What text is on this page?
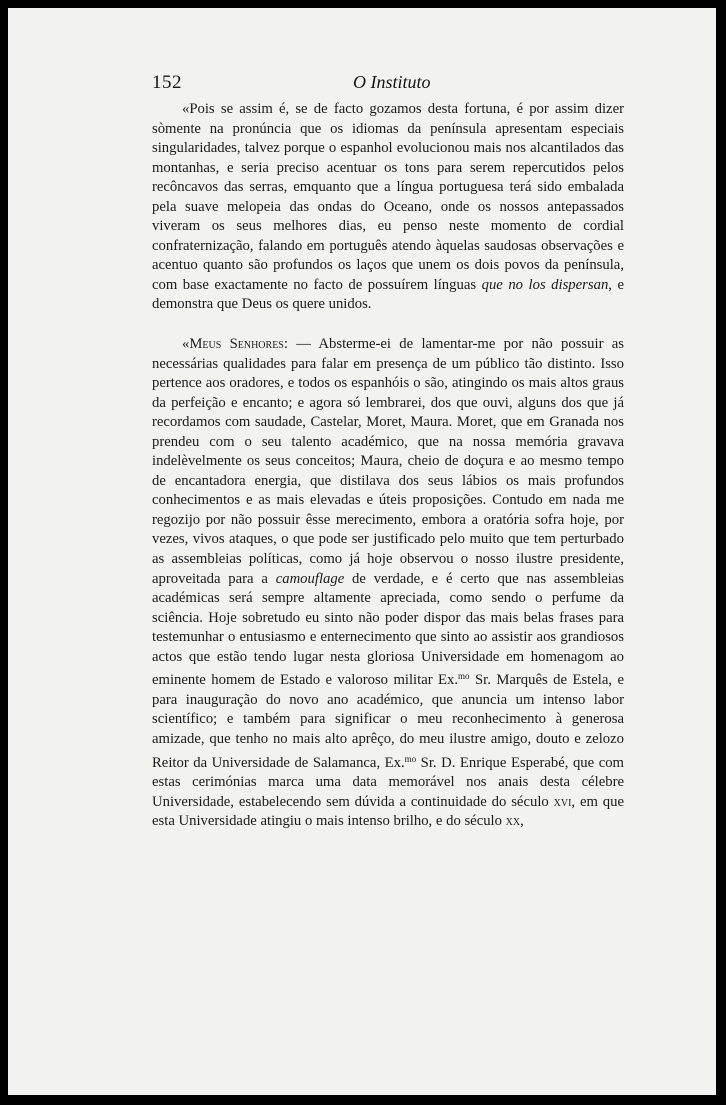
152	O Instituto

«Pois se assim é, se de facto gozamos desta fortuna, é por assim dizer sòmente na pronúncia que os idiomas da península apresentam especiais singularidades, talvez porque o espanhol evolucionou mais nos alcantilados das montanhas, e seria preciso acentuar os tons para serem repercutidos pelos recôncavos das serras, emquanto que a língua portuguesa terá sido embalada pela suave melopeia das ondas do Oceano, onde os nossos antepassados viveram os seus melhores dias, eu penso neste momento de cordial confraternização, falando em português atendo àquelas saudosas observações e acentuo quanto são profundos os laços que unem os dois povos da península, com base exactamente no facto de possuírem línguas que no los dispersan, e demonstra que Deus os quere unidos.

«Meus Senhores: — Absterme-ei de lamentar-me por não possuir as necessárias qualidades para falar em presença de um público tão distinto. Isso pertence aos oradores, e todos os espanhóis o são, atingindo os mais altos graus da perfeição e encanto; e agora só lembrarei, dos que ouvi, alguns dos que já recordamos com saudade, Castelar, Moret, Maura. Moret, que em Granada nos prendeu com o seu talento académico, que na nossa memória gravava indelèvelmente os seus conceitos; Maura, cheio de doçura e ao mesmo tempo de encantadora energia, que distilava dos seus lábios os mais profundos conhecimentos e as mais elevadas e úteis proposições. Contudo em nada me regozijo por não possuir êsse merecimento, embora a oratória sofra hoje, por vezes, vivos ataques, o que pode ser justificado pelo muito que tem perturbado as assembleias políticas, como já hoje observou o nosso ilustre presidente, aproveitada para a camouflage de verdade, e é certo que nas assembleias académicas será sempre altamente apreciada, como sendo o perfume da sciência. Hoje sobretudo eu sinto não poder dispor das mais belas frases para testemunhar o entusiasmo e enternecimento que sinto ao assistir aos grandiosos actos que estão tendo lugar nesta gloriosa Universidade em homenagom ao eminente homem de Estado e valoroso militar Ex.$^{mo}$ Sr. Marquês de Estela, e para inauguração do novo ano académico, que anuncia um intenso labor scientífico; e também para significar o meu reconhecimento à generosa amizade, que tenho no mais alto aprêço, do meu ilustre amigo, douto e zelozo Reitor da Universidade de Salamanca, Ex.$^{mo}$ Sr. D. Enrique Esperabé, que com estas cerimónias marca uma data memorável nos anais desta célebre Universidade, estabelecendo sem dúvida a continuidade do século xvi, em que esta Universidade atingiu o mais intenso brilho, e do século xx,
